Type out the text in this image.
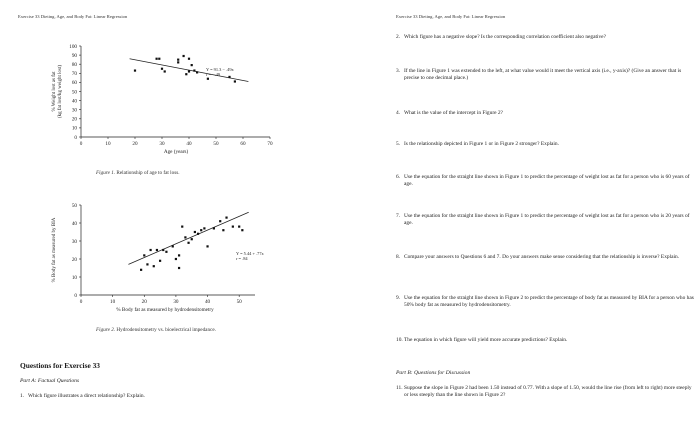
Exercise 33 Dieting, Age, and Body Fat: Linear Regression
0	10	20	30	40	50	60	70
0
10
20
30
40
50
60
70
80
90
100
Y = 91.3 − .49x
r = −.49
Age (years)
% Weight lost as fat (kg fat lost/kg weight lost)
Figure 1. Relationship of age to fat loss.
0	10	20	30	40	50
0
10
20
30
40
50
Y = 5.44 + .77x
r = .84
% Body fat as measured by hydrodensitometry
% Body fat as measured by BIA
Figure 2. Hydrodensitometry vs. bioelectrical impedance.
Questions for Exercise 33
Part A: Factual Questions
1. Which figure illustrates a direct relationship? Explain.
Exercise 33 Dieting, Age, and Body Fat: Linear Regression
2. Which figure has a negative slope? Is the corresponding correlation coefficient also negative?
3. If the line in Figure 1 was extended to the left, at what value would it meet the vertical axis (i.e., y-axis)? (Give an answer that is precise to one decimal place.)
4. What is the value of the intercept in Figure 2?
5. Is the relationship depicted in Figure 1 or in Figure 2 stronger? Explain.
6. Use the equation for the straight line shown in Figure 1 to predict the percentage of weight lost as fat for a person who is 60 years of age.
7. Use the equation for the straight line shown in Figure 1 to predict the percentage of weight lost as fat for a person who is 20 years of age.
8. Compare your answers to Questions 6 and 7. Do your answers make sense considering that the relationship is inverse? Explain.
9. Use the equation for the straight line shown in Figure 2 to predict the percentage of body fat as measured by BIA for a person who has 50% body fat as measured by hydrodensitometry.
10. The equation in which figure will yield more accurate predictions? Explain.
Part B: Questions for Discussion
11. Suppose the slope in Figure 2 had been 1.50 instead of 0.77. With a slope of 1.50, would the line rise (from left to right) more steeply or less steeply than the line shown in Figure 2?
